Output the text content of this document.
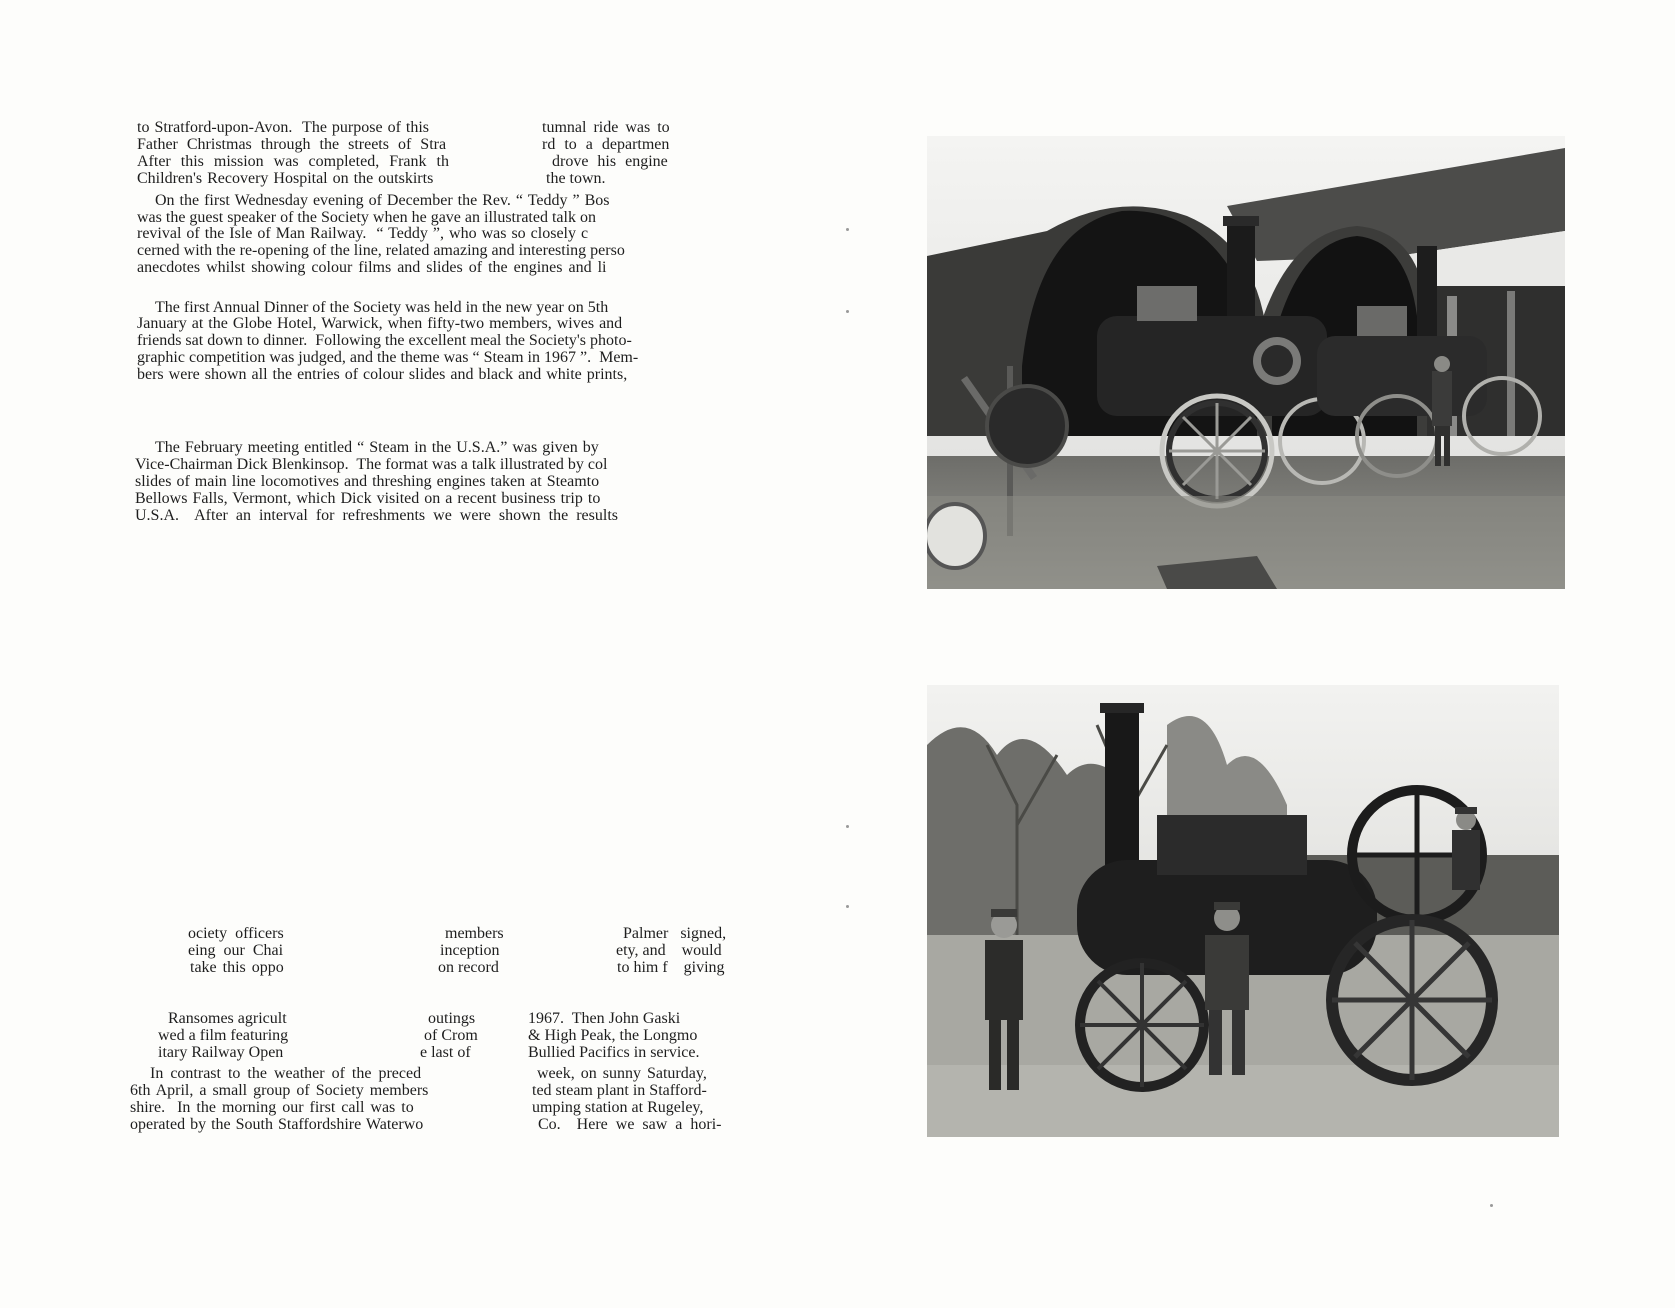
to Stratford-upon-Avon.  The purpose of this
Father Christmas through the streets of Stra
After this mission was completed, Frank th
Children's Recovery Hospital on the outskirts
tumnal ride was to
rd to a departmen
drove his engine
the town.
On the first Wednesday evening of December the Rev. “ Teddy ” Bos
was the guest speaker of the Society when he gave an illustrated talk on
revival of the Isle of Man Railway.  “ Teddy ”, who was so closely c
cerned with the re-opening of the line, related amazing and interesting perso
anecdotes whilst showing colour films and slides of the engines and li
The first Annual Dinner of the Society was held in the new year on 5th
January at the Globe Hotel, Warwick, when fifty-two members, wives and
friends sat down to dinner.  Following the excellent meal the Society's photo-
graphic competition was judged, and the theme was “ Steam in 1967 ”.  Mem-
bers were shown all the entries of colour slides and black and white prints,
The February meeting entitled “ Steam in the U.S.A.” was given by
Vice-Chairman Dick Blenkinsop.  The format was a talk illustrated by col
slides of main line locomotives and threshing engines taken at Steamto
Bellows Falls, Vermont, which Dick visited on a recent business trip to
U.S.A.  After an interval for refreshments we were shown the results
ociety officers
eing our Chai
take this oppo
members
inception
on record
Palmer   signed,
ety, and    would
to him f    giving
Ransomes agricult
wed a film featuring
itary Railway Open
outings
of Crom
e last of
1967.  Then John Gaski
& High Peak, the Longmo
Bullied Pacifics in service.
In contrast to the weather of the preced
6th April, a small group of Society members
shire.  In the morning our first call was to
operated by the South Staffordshire Waterwo
week, on sunny Saturday,
ted steam plant in Stafford-
umping station at Rugeley,
Co.  Here we saw a hori-
